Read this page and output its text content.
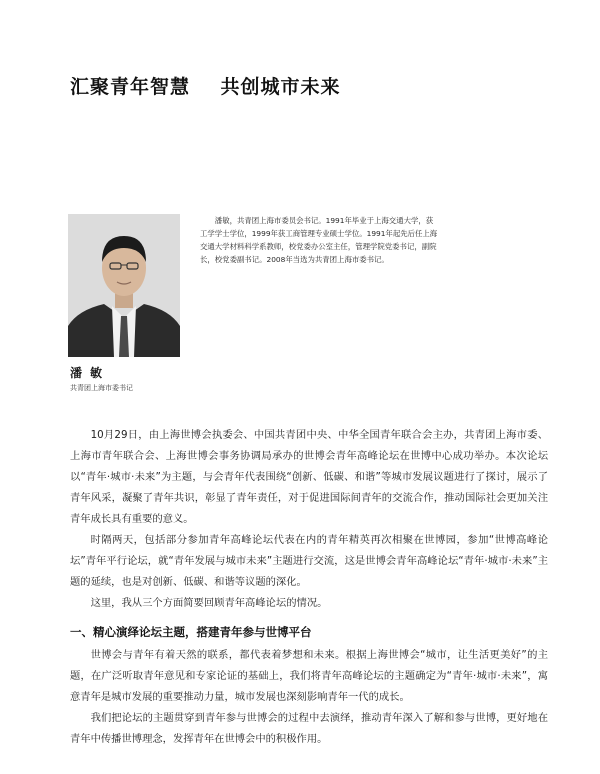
汇聚青年智慧    共创城市未来

潘敏，共青团上海市委员会书记。1991年毕业于上海交通大学，获工学学士学位，1999年获工商管理专业硕士学位。1991年起先后任上海交通大学材料科学系教师，校党委办公室主任，管理学院党委书记，副院长，校党委副书记。2008年当选为共青团上海市委书记。

潘敏

共青团上海市委书记

10月29日，由上海世博会执委会、中国共青团中央、中华全国青年联合会主办，共青团上海市委、上海市青年联合会、上海世博会事务协调局承办的世博会青年高峰论坛在世博中心成功举办。本次论坛以“青年·城市·未来”为主题，与会青年代表围绕“创新、低碳、和谐”等城市发展议题进行了探讨，展示了青年风采，凝聚了青年共识，彰显了青年责任，对于促进国际间青年的交流合作，推动国际社会更加关注青年成长具有重要的意义。

时隔两天，包括部分参加青年高峰论坛代表在内的青年精英再次相聚在世博园，参加“世博高峰论坛”青年平行论坛，就“青年发展与城市未来”主题进行交流，这是世博会青年高峰论坛“青年·城市·未来”主题的延续，也是对创新、低碳、和谐等议题的深化。

这里，我从三个方面简要回顾青年高峰论坛的情况。

一、精心演绎论坛主题，搭建青年参与世博平台

世博会与青年有着天然的联系，都代表着梦想和未来。根据上海世博会“城市，让生活更美好”的主题，在广泛听取青年意见和专家论证的基础上，我们将青年高峰论坛的主题确定为“青年·城市·未来”，寓意青年是城市发展的重要推动力量，城市发展也深刻影响青年一代的成长。

我们把论坛的主题贯穿到青年参与世博会的过程中去演绎，推动青年深入了解和参与世博，更好地在青年中传播世博理念，发挥青年在世博会中的积极作用。
